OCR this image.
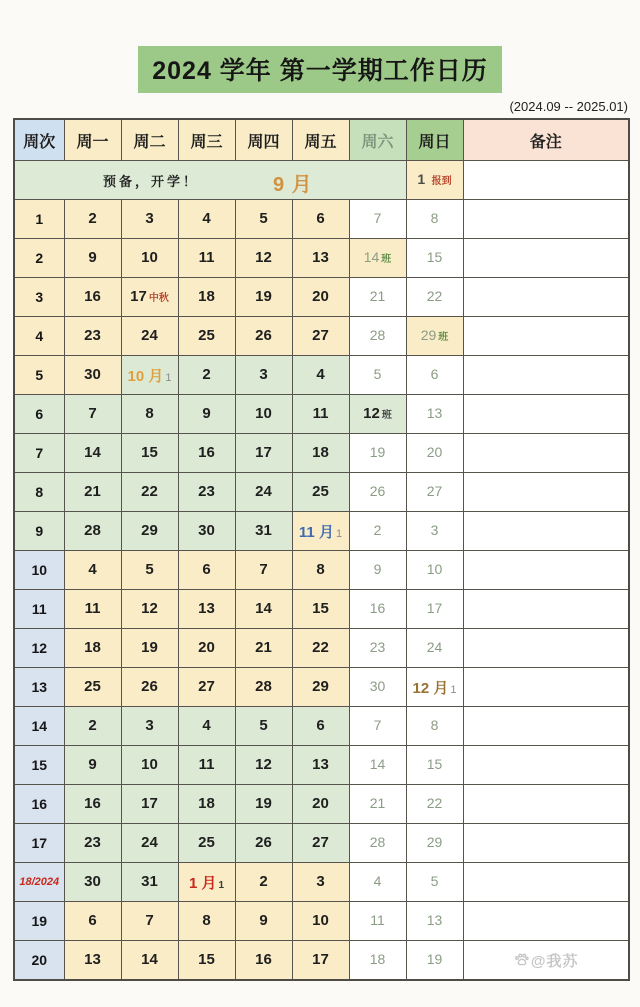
2024 学年 第一学期工作日历
(2024.09 -- 2025.01)
周次	周一	周二	周三	周四	周五	周六	周日	备注

预备，开学！ 9 月							1 报到	
1	2	3	4	5	6	7	8	
2	9	10	11	12	13	14 班	15	
3	16	17 中秋	18	19	20	21	22	
4	23	24	25	26	27	28	29 班	
5	30	10 月 1	2	3	4	5	6	
6	7	8	9	10	11	12 班	13	
7	14	15	16	17	18	19	20	
8	21	22	23	24	25	26	27	
9	28	29	30	31	11 月 1	2	3	
10	4	5	6	7	8	9	10	
11	11	12	13	14	15	16	17	
12	18	19	20	21	22	23	24	
13	25	26	27	28	29	30	12 月 1	
14	2	3	4	5	6	7	8	
15	9	10	11	12	13	14	15	
16	16	17	18	19	20	21	22	
17	23	24	25	26	27	28	29	
18/2024	30	31	1 月 1	2	3	4	5	
19	6	7	8	9	10	11	13	
20	13	14	15	16	17	18	19	@我苏
